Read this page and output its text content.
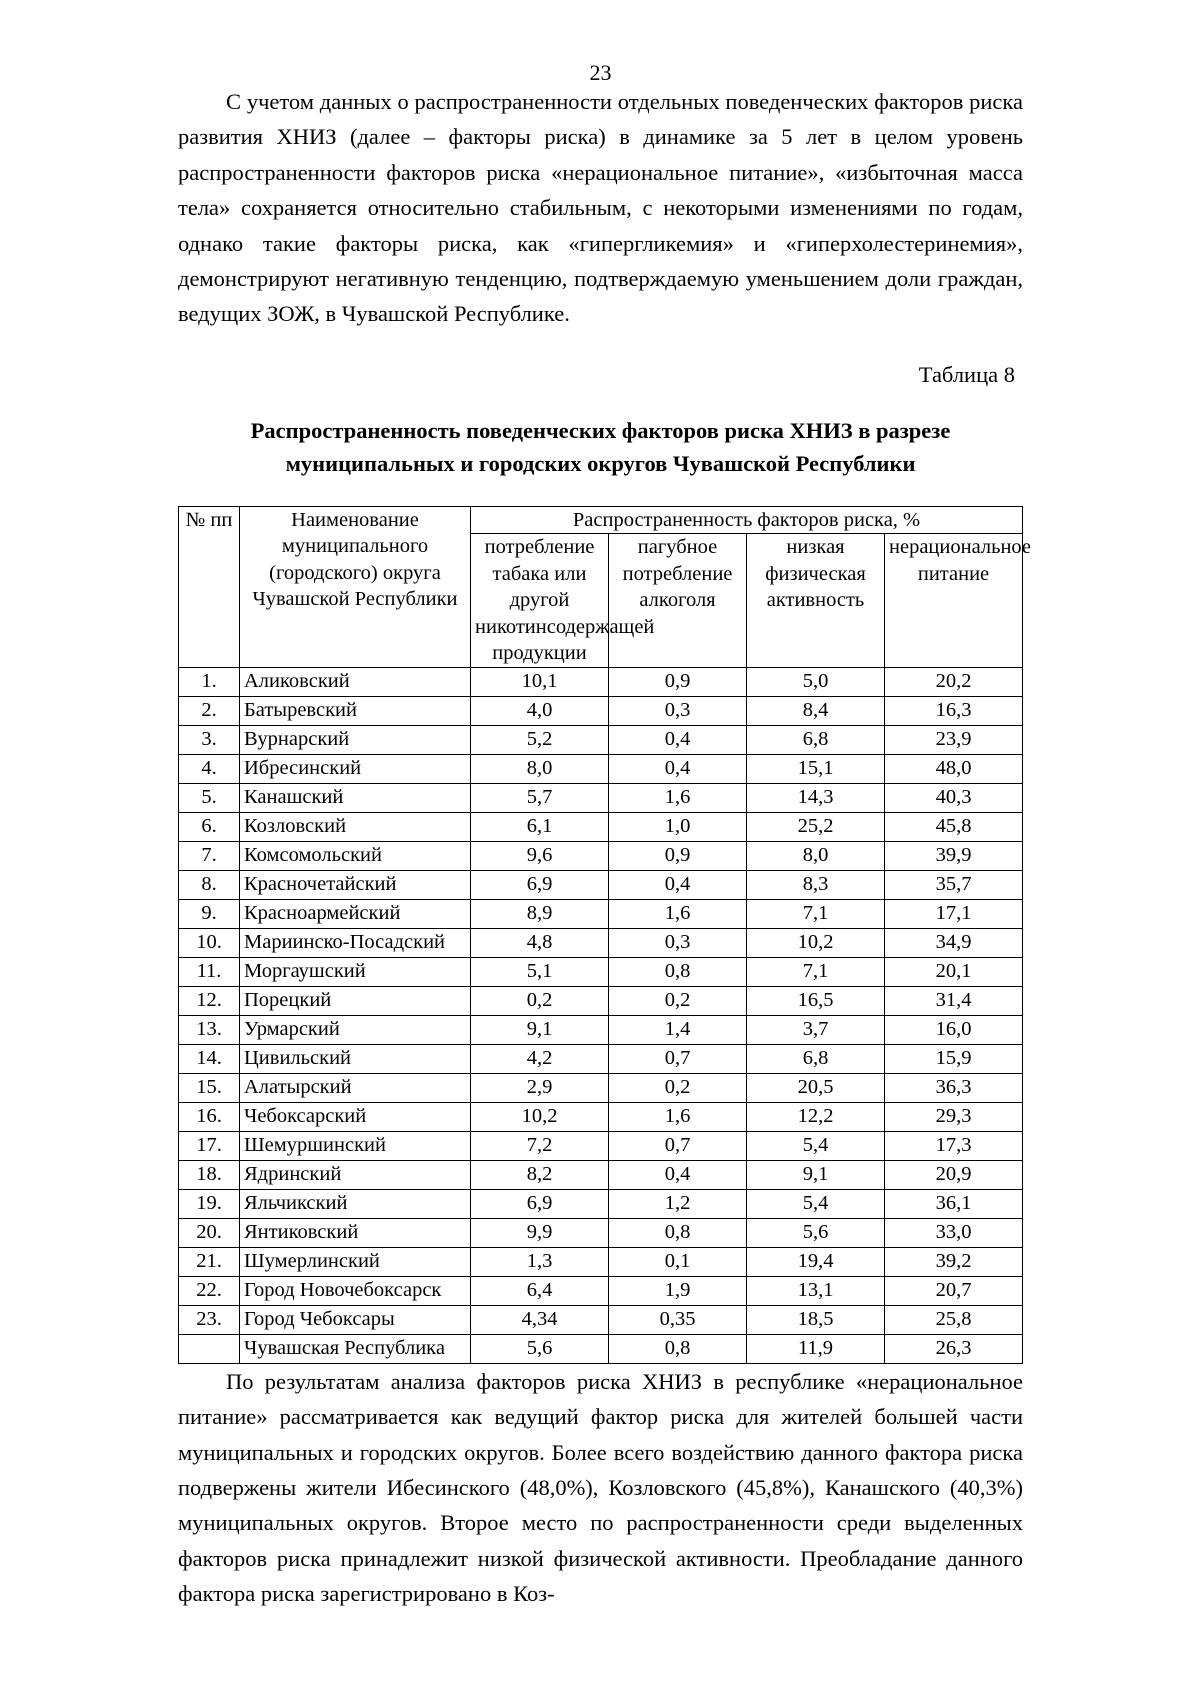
23

С учетом данных о распространенности отдельных поведенческих факторов риска развития ХНИЗ (далее – факторы риска) в динамике за 5 лет в целом уровень распространенности факторов риска «нерациональное питание», «избыточная масса тела» сохраняется относительно стабильным, с некоторыми изменениями по годам, однако такие факторы риска, как «гипергликемия» и «гиперхолестеринемия», демонстрируют негативную тенденцию, подтверждаемую уменьшением доли граждан, ведущих ЗОЖ, в Чувашской Республике.

Таблица 8
Распространенность поведенческих факторов риска ХНИЗ в разрезе муниципальных и городских округов Чувашской Республики
№ пп	Наименование муниципального (городского) округа Чувашской Республики	Распространенность факторов риска, %			
		потребление табака или другой никотинсодержащей продукции	пагубное потребление алкоголя	низкая физическая активность	нерациональное питание
1.	Аликовский	10,1	0,9	5,0	20,2
2.	Батыревский	4,0	0,3	8,4	16,3
3.	Вурнарский	5,2	0,4	6,8	23,9
4.	Ибресинский	8,0	0,4	15,1	48,0
5.	Канашский	5,7	1,6	14,3	40,3
6.	Козловский	6,1	1,0	25,2	45,8
7.	Комсомольский	9,6	0,9	8,0	39,9
8.	Красночетайский	6,9	0,4	8,3	35,7
9.	Красноармейский	8,9	1,6	7,1	17,1
10.	Мариинско-Посадский	4,8	0,3	10,2	34,9
11.	Моргаушский	5,1	0,8	7,1	20,1
12.	Порецкий	0,2	0,2	16,5	31,4
13.	Урмарский	9,1	1,4	3,7	16,0
14.	Цивильский	4,2	0,7	6,8	15,9
15.	Алатырский	2,9	0,2	20,5	36,3
16.	Чебоксарский	10,2	1,6	12,2	29,3
17.	Шемуршинский	7,2	0,7	5,4	17,3
18.	Ядринский	8,2	0,4	9,1	20,9
19.	Яльчикский	6,9	1,2	5,4	36,1
20.	Янтиковский	9,9	0,8	5,6	33,0
21.	Шумерлинский	1,3	0,1	19,4	39,2
22.	Город Новочебоксарск	6,4	1,9	13,1	20,7
23.	Город Чебоксары	4,34	0,35	18,5	25,8
	Чувашская Республика	5,6	0,8	11,9	26,3

По результатам анализа факторов риска ХНИЗ в республике «нерациональное питание» рассматривается как ведущий фактор риска для жителей большей части муниципальных и городских округов. Более всего воздействию данного фактора риска подвержены жители Ибесинского (48,0%), Козловского (45,8%), Канашского (40,3%) муниципальных округов. Второе место по распространенности среди выделенных факторов риска принадлежит низкой физической активности. Преобладание данного фактора риска зарегистрировано в Коз-
